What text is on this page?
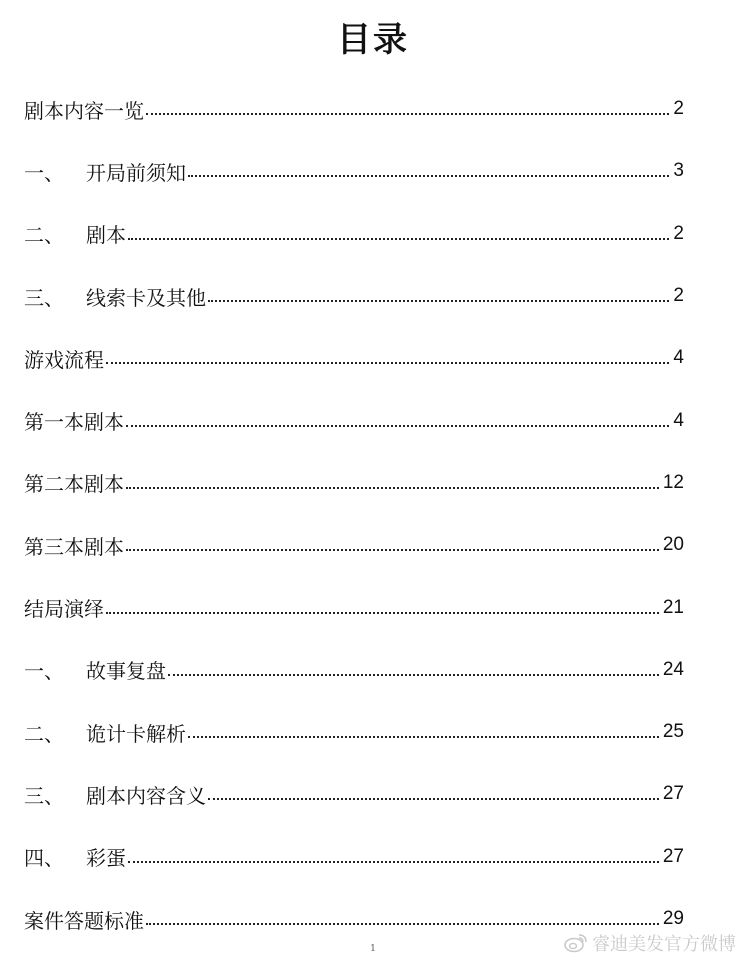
目录
剧本内容一览	2
一、	开局前须知	3
二、	剧本	2
三、	线索卡及其他	2
游戏流程	4
第一本剧本	4
第二本剧本	12
第三本剧本	20
结局演绎	21
一、	故事复盘	24
二、	诡计卡解析	25
三、	剧本内容含义	27
四、	彩蛋	27
案件答题标准	29
1	睿迪美发官方微博
